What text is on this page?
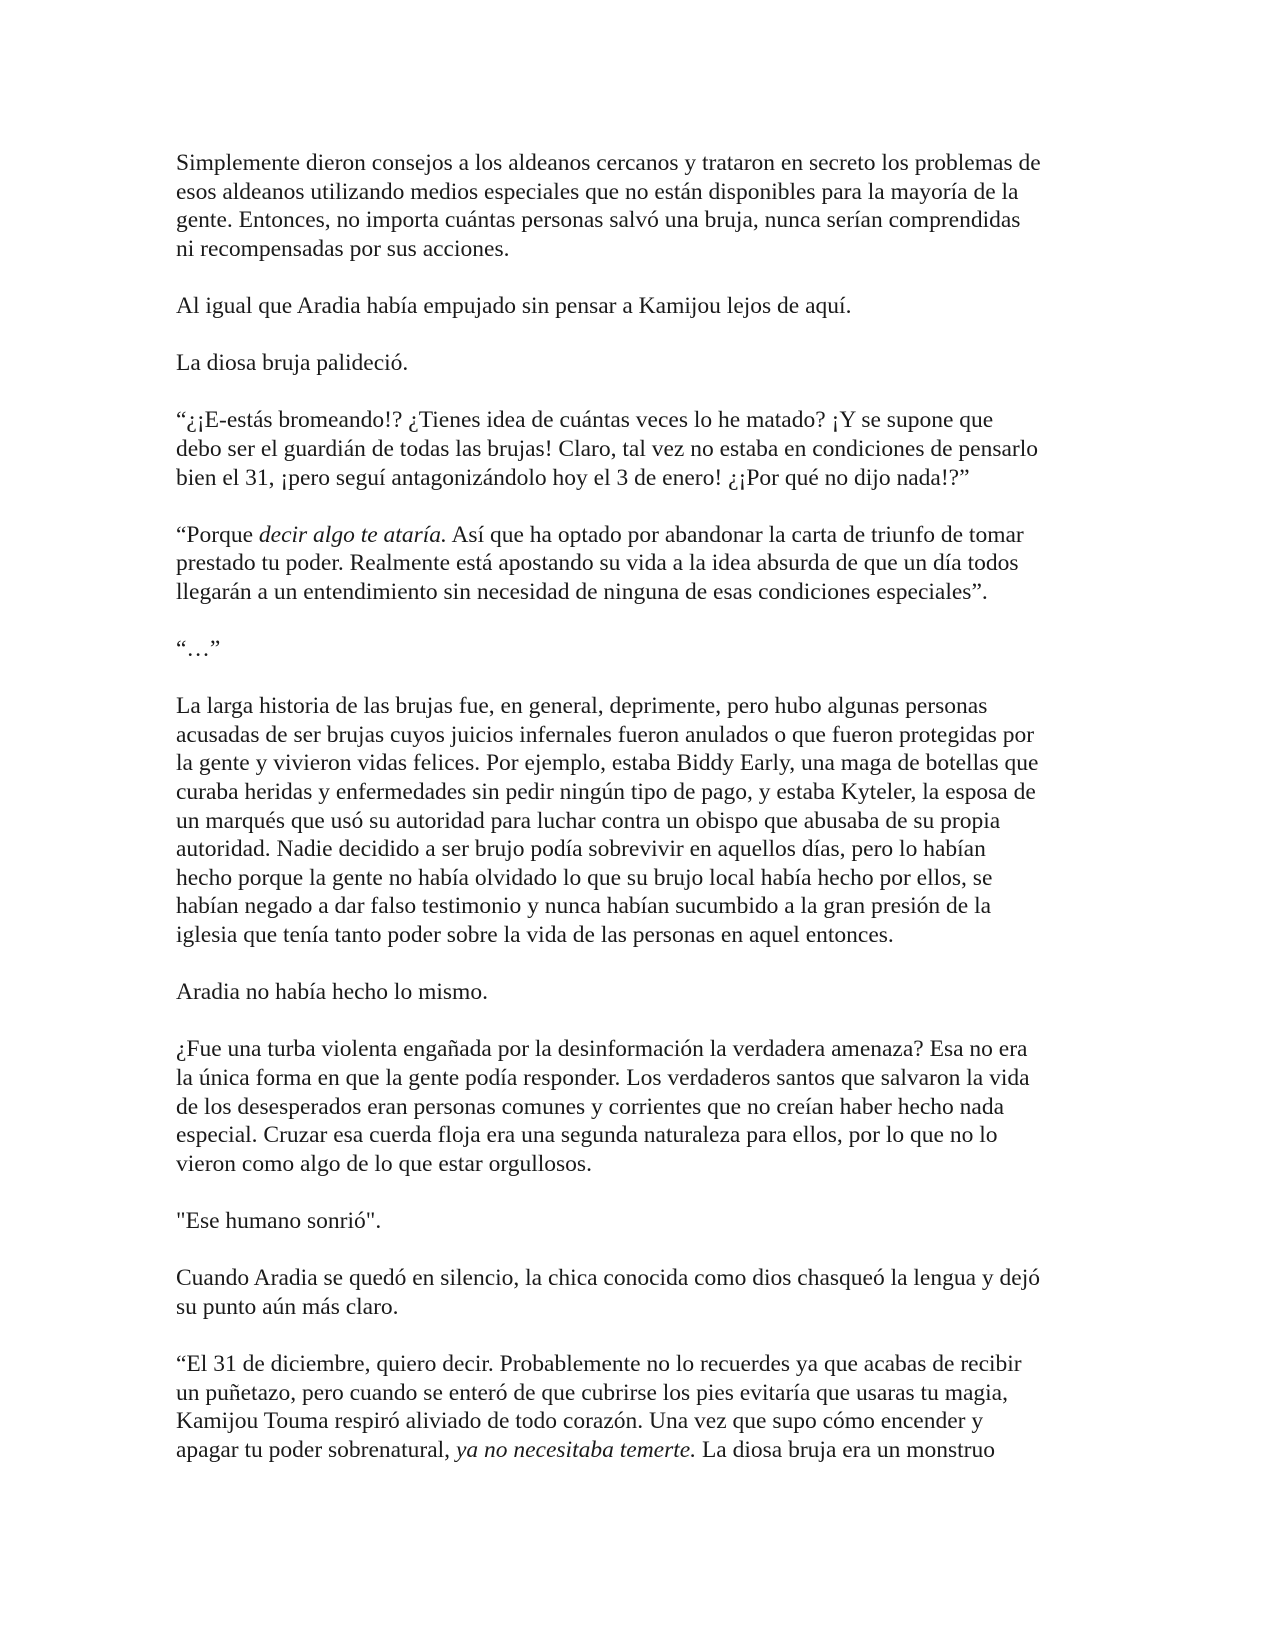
Simplemente dieron consejos a los aldeanos cercanos y trataron en secreto los problemas de
esos aldeanos utilizando medios especiales que no están disponibles para la mayoría de la
gente. Entonces, no importa cuántas personas salvó una bruja, nunca serían comprendidas
ni recompensadas por sus acciones.

Al igual que Aradia había empujado sin pensar a Kamijou lejos de aquí.

La diosa bruja palideció.

“¿¡E-estás bromeando!? ¿Tienes idea de cuántas veces lo he matado? ¡Y se supone que
debo ser el guardián de todas las brujas! Claro, tal vez no estaba en condiciones de pensarlo
bien el 31, ¡pero seguí antagonizándolo hoy el 3 de enero! ¿¡Por qué no dijo nada!?”

“Porque decir algo te ataría. Así que ha optado por abandonar la carta de triunfo de tomar
prestado tu poder. Realmente está apostando su vida a la idea absurda de que un día todos
llegarán a un entendimiento sin necesidad de ninguna de esas condiciones especiales”.

“…”

La larga historia de las brujas fue, en general, deprimente, pero hubo algunas personas
acusadas de ser brujas cuyos juicios infernales fueron anulados o que fueron protegidas por
la gente y vivieron vidas felices. Por ejemplo, estaba Biddy Early, una maga de botellas que
curaba heridas y enfermedades sin pedir ningún tipo de pago, y estaba Kyteler, la esposa de
un marqués que usó su autoridad para luchar contra un obispo que abusaba de su propia
autoridad. Nadie decidido a ser brujo podía sobrevivir en aquellos días, pero lo habían
hecho porque la gente no había olvidado lo que su brujo local había hecho por ellos, se
habían negado a dar falso testimonio y nunca habían sucumbido a la gran presión de la
iglesia que tenía tanto poder sobre la vida de las personas en aquel entonces.

Aradia no había hecho lo mismo.

¿Fue una turba violenta engañada por la desinformación la verdadera amenaza? Esa no era
la única forma en que la gente podía responder. Los verdaderos santos que salvaron la vida
de los desesperados eran personas comunes y corrientes que no creían haber hecho nada
especial. Cruzar esa cuerda floja era una segunda naturaleza para ellos, por lo que no lo
vieron como algo de lo que estar orgullosos.

"Ese humano sonrió".

Cuando Aradia se quedó en silencio, la chica conocida como dios chasqueó la lengua y dejó
su punto aún más claro.

“El 31 de diciembre, quiero decir. Probablemente no lo recuerdes ya que acabas de recibir
un puñetazo, pero cuando se enteró de que cubrirse los pies evitaría que usaras tu magia,
Kamijou Touma respiró aliviado de todo corazón. Una vez que supo cómo encender y
apagar tu poder sobrenatural, ya no necesitaba temerte. La diosa bruja era un monstruo
